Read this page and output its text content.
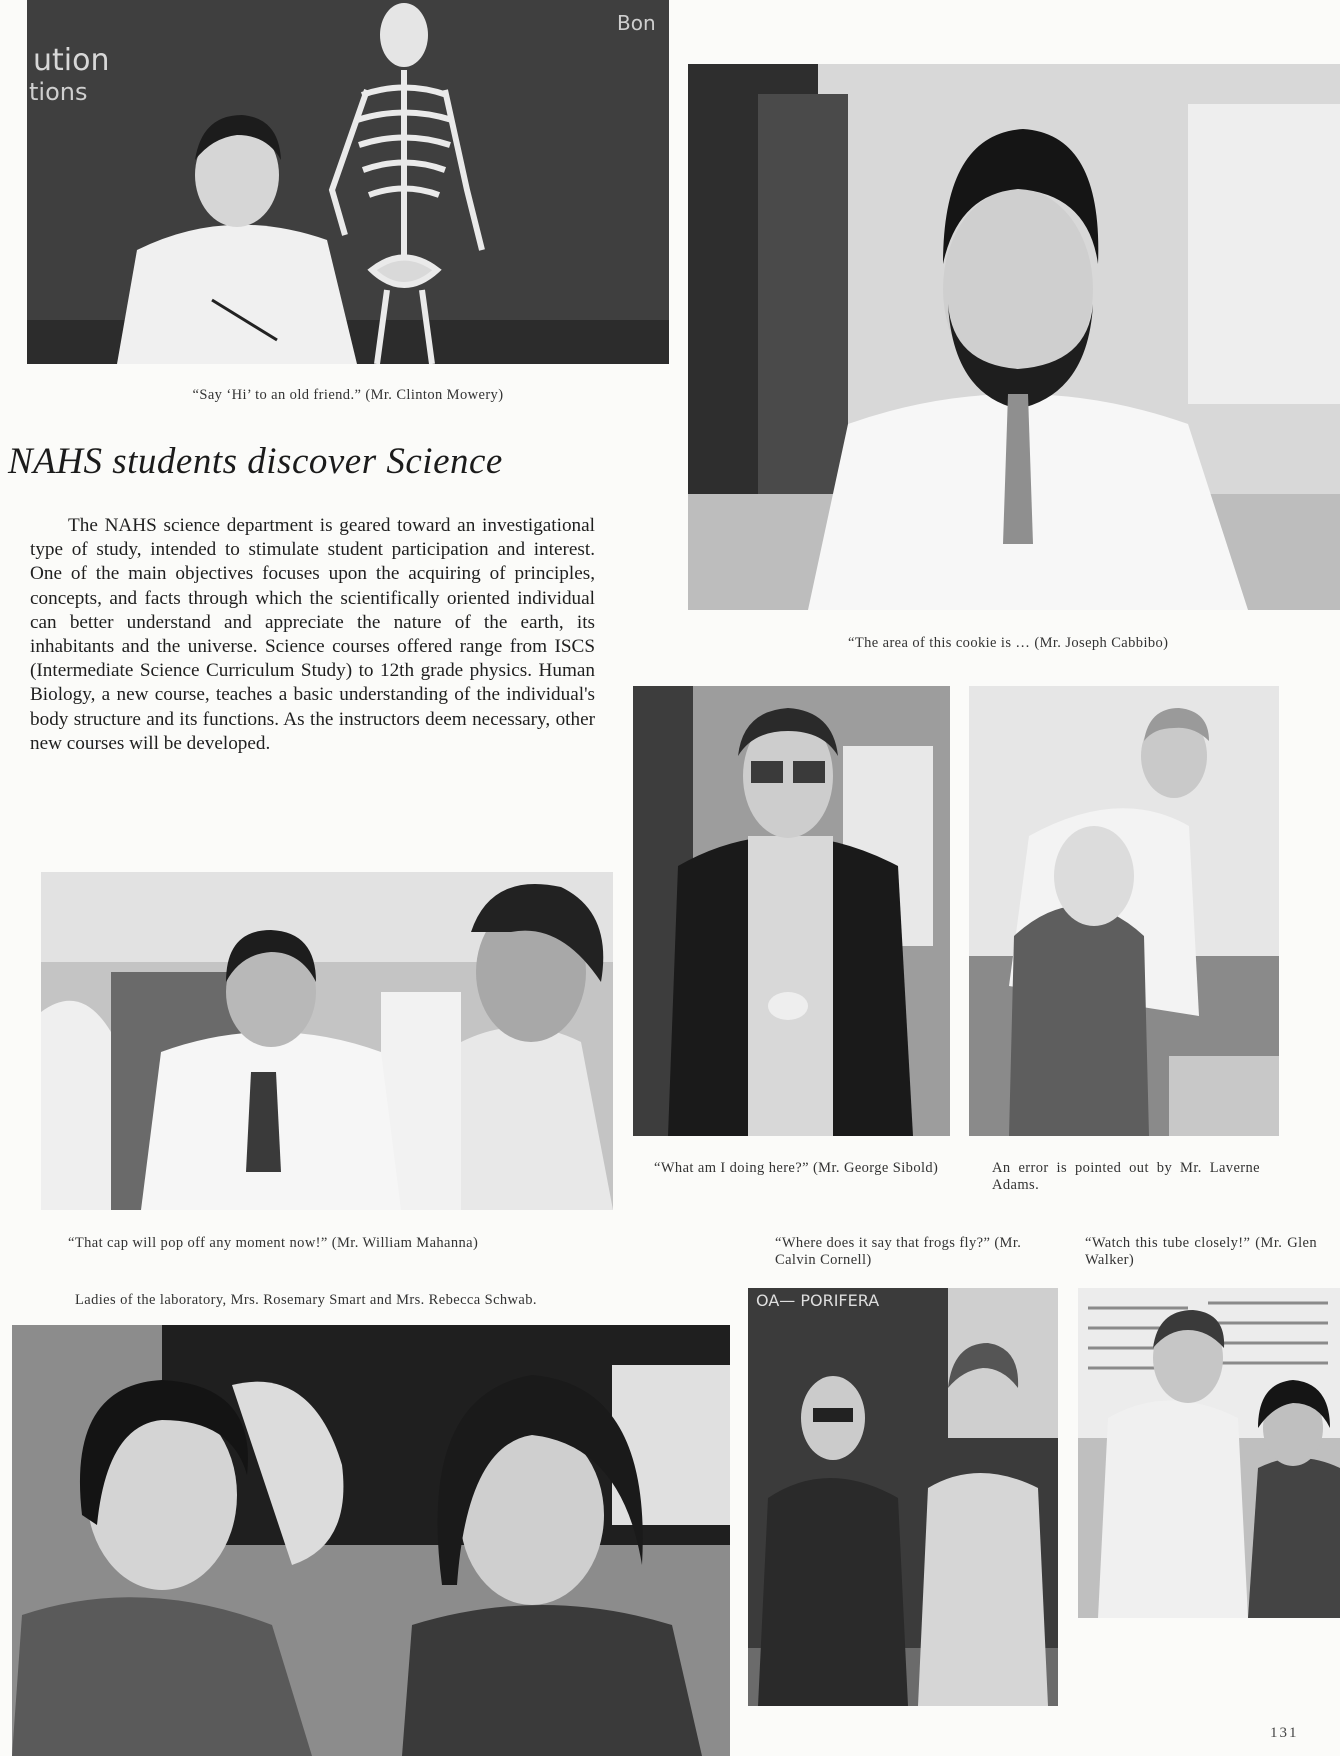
ution
tions
Bon
“Say ‘Hi’ to an old friend.” (Mr. Clinton Mowery)
NAHS students discover Science

The NAHS science department is geared toward an investigational type of study, intended to stimulate student participation and interest. One of the main objectives focuses upon the acquiring of principles, concepts, and facts through which the scientifically oriented individual can better understand and appreciate the nature of the earth, its inhabitants and the universe. Science courses offered range from ISCS (Intermediate Science Curriculum Study) to 12th grade physics. Human Biology, a new course, teaches a basic understanding of the individual's body structure and its functions. As the instructors deem necessary, other new courses will be developed.

“The area of this cookie is … (Mr. Joseph Cabbibo)
“What am I doing here?” (Mr. George Sibold)	An error is pointed out by Mr. Laverne Adams.
“That cap will pop off any moment now!” (Mr. William Mahanna)
Ladies of the laboratory, Mrs. Rosemary Smart and Mrs. Rebecca Schwab.
“Where does it say that frogs fly?” (Mr. Calvin Cornell)
“Watch this tube closely!” (Mr. Glen Walker)
OA— PORIFERA
131
